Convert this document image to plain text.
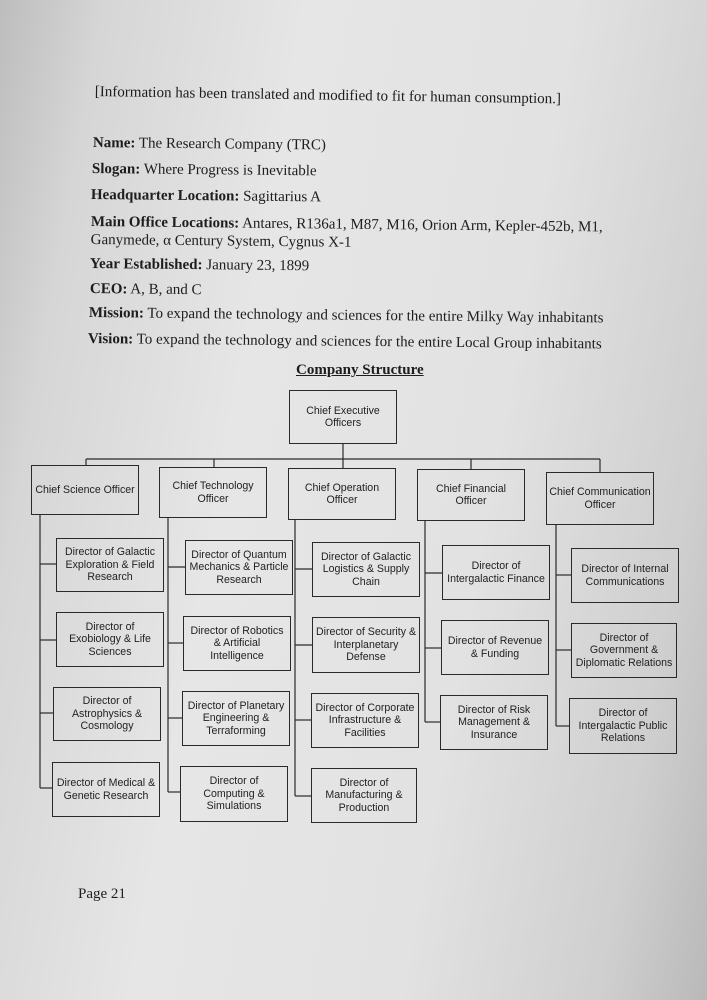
[Information has been translated and modified to fit for human consumption.]
Name: The Research Company (TRC)
Slogan: Where Progress is Inevitable
Headquarter Location: Sagittarius A
Main Office Locations: Antares, R136a1, M87, M16, Orion Arm, Kepler-452b, M1,
Ganymede, α Century System, Cygnus X-1
Year Established: January 23, 1899
CEO: A, B, and C
Mission: To expand the technology and sciences for the entire Milky Way inhabitants
Vision: To expand the technology and sciences for the entire Local Group inhabitants
Company Structure
Chief Executive Officers
Chief Science Officer	Chief Technology Officer
Chief Operation Officer
Chief Financial Officer
Chief Communication Officer
Director of Galactic Exploration & Field Research
Director of Exobiology & Life Sciences
Director of Astrophysics & Cosmology
Director of Medical & Genetic Research
Director of Quantum Mechanics & Particle Research
Director of Robotics & Artificial Intelligence
Director of Planetary Engineering & Terraforming
Director of Computing & Simulations
Director of Galactic Logistics & Supply Chain
Director of Security & Interplanetary Defense
Director of Corporate Infrastructure & Facilities
Director of Manufacturing & Production
Director of Intergalactic Finance
Director of Revenue & Funding
Director of Risk Management & Insurance
Director of Internal Communications
Director of Government & Diplomatic Relations
Director of Intergalactic Public Relations
Page 21
